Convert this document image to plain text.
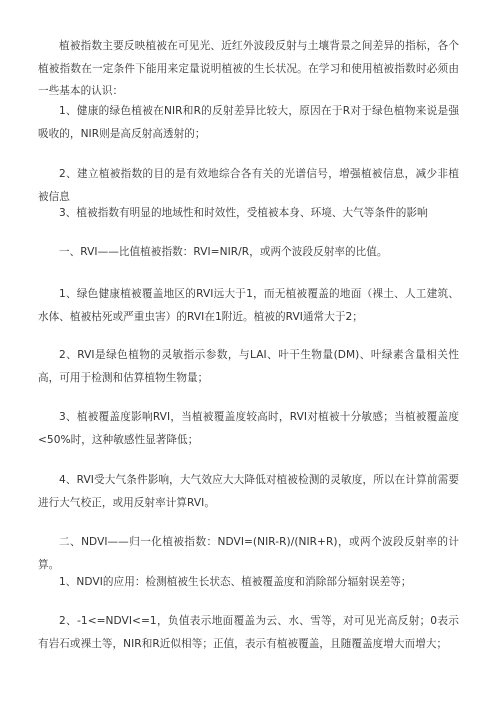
植被指数主要反映植被在可见光、近红外波段反射与土壤背景之间差异的指标，各个植被指数在一定条件下能用来定量说明植被的生长状况。在学习和使用植被指数时必须由一些基本的认识：

1、健康的绿色植被在NIR和R的反射差异比较大，原因在于R对于绿色植物来说是强吸收的，NIR则是高反射高透射的；

2、建立植被指数的目的是有效地综合各有关的光谱信号，增强植被信息，减少非植被信息

3、植被指数有明显的地域性和时效性，受植被本身、环境、大气等条件的影响

一、RVI——比值植被指数：RVI=NIR/R，或两个波段反射率的比值。

1、绿色健康植被覆盖地区的RVI远大于1，而无植被覆盖的地面（裸土、人工建筑、水体、植被枯死或严重虫害）的RVI在1附近。植被的RVI通常大于2；

2、RVI是绿色植物的灵敏指示参数，与LAI、叶干生物量(DM)、叶绿素含量相关性高，可用于检测和估算植物生物量；

3、植被覆盖度影响RVI，当植被覆盖度较高时，RVI对植被十分敏感；当植被覆盖度<50%时，这种敏感性显著降低；

4、RVI受大气条件影响，大气效应大大降低对植被检测的灵敏度，所以在计算前需要进行大气校正，或用反射率计算RVI。

二、NDVI——归一化植被指数：NDVI=(NIR-R)/(NIR+R)，或两个波段反射率的计算。

1、NDVI的应用：检测植被生长状态、植被覆盖度和消除部分辐射误差等；

2、-1<=NDVI<=1，负值表示地面覆盖为云、水、雪等，对可见光高反射；0表示有岩石或裸土等，NIR和R近似相等；正值，表示有植被覆盖，且随覆盖度增大而增大；
